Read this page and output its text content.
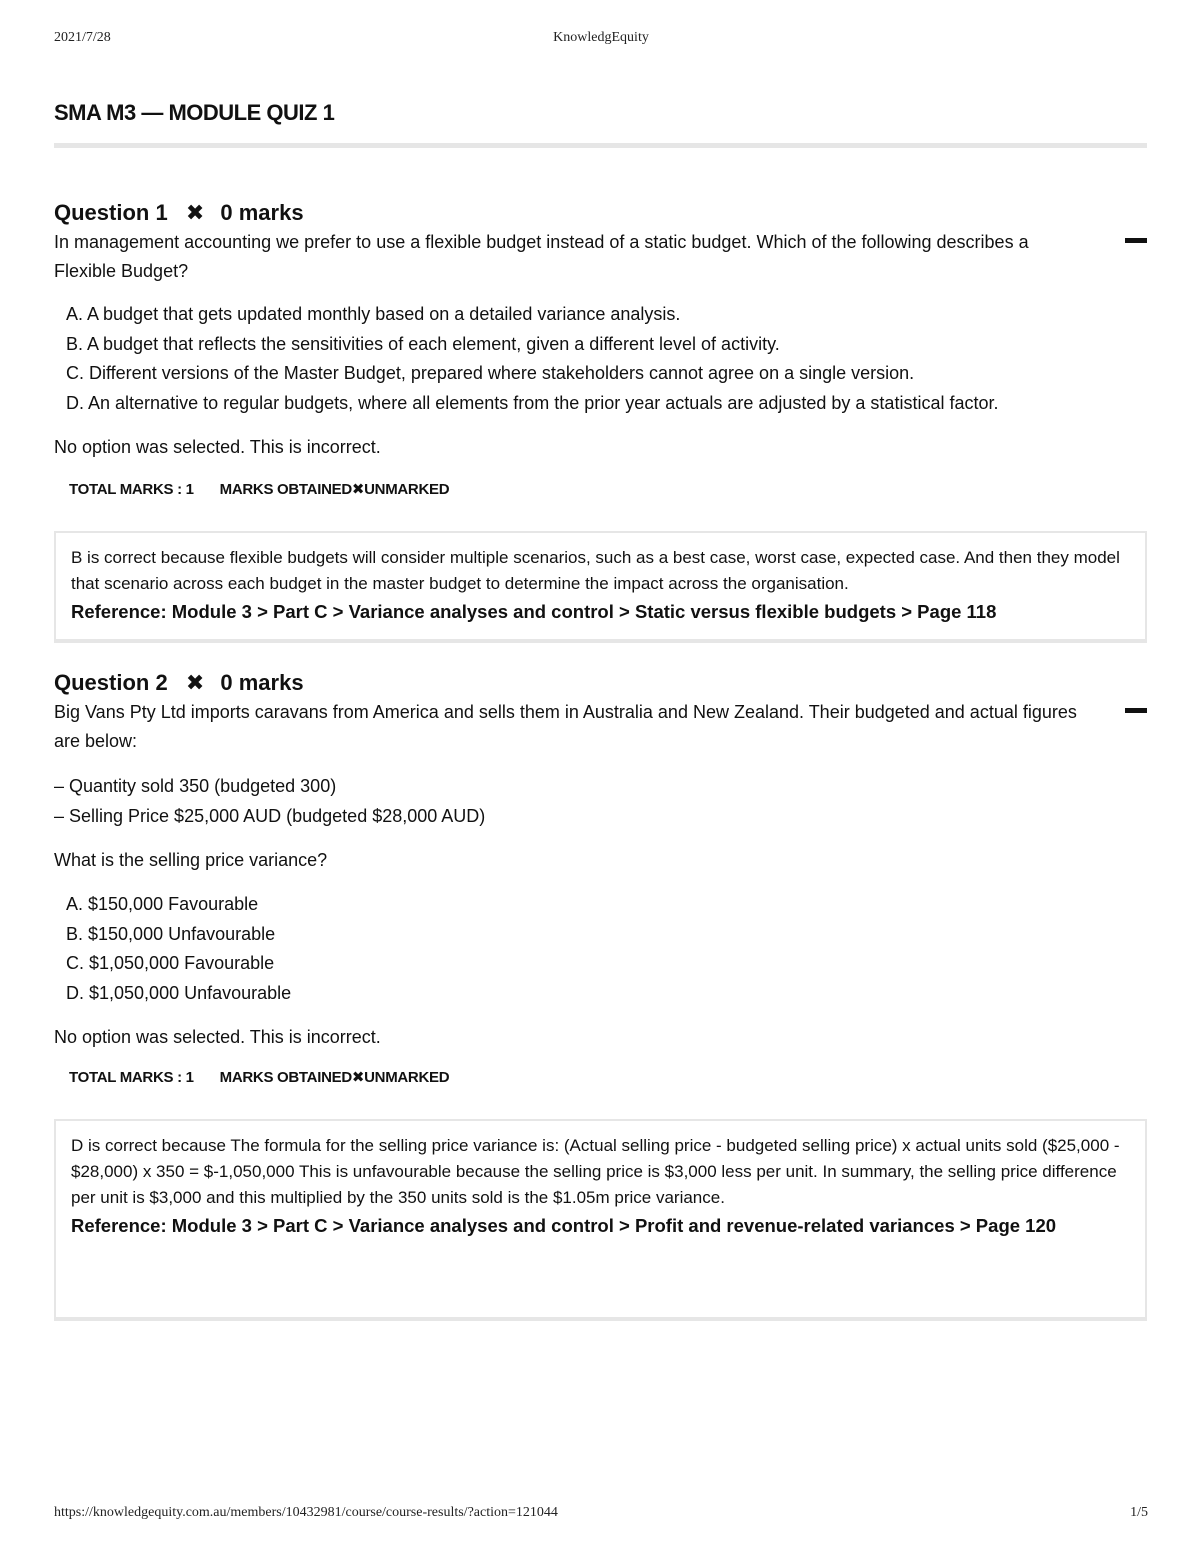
2021/7/28	KnowledgEquity
SMA M3 — MODULE QUIZ 1
Question 1 ✖ 0 marks
In management accounting we prefer to use a flexible budget instead of a static budget. Which of the following describes a Flexible Budget?
A. A budget that gets updated monthly based on a detailed variance analysis.
B. A budget that reflects the sensitivities of each element, given a different level of activity.
C. Different versions of the Master Budget, prepared where stakeholders cannot agree on a single version.
D. An alternative to regular budgets, where all elements from the prior year actuals are adjusted by a statistical factor.
No option was selected. This is incorrect.
TOTAL MARKS : 1 MARKS OBTAINED✖UNMARKED
B is correct because flexible budgets will consider multiple scenarios, such as a best case, worst case, expected case. And then they model that scenario across each budget in the master budget to determine the impact across the organisation.
Reference: Module 3 > Part C > Variance analyses and control > Static versus flexible budgets > Page 118
Question 2 ✖ 0 marks
Big Vans Pty Ltd imports caravans from America and sells them in Australia and New Zealand. Their budgeted and actual figures are below:
– Quantity sold 350 (budgeted 300)
– Selling Price $25,000 AUD (budgeted $28,000 AUD)
What is the selling price variance?
A. $150,000 Favourable
B. $150,000 Unfavourable
C. $1,050,000 Favourable
D. $1,050,000 Unfavourable
No option was selected. This is incorrect.
TOTAL MARKS : 1 MARKS OBTAINED✖UNMARKED
D is correct because The formula for the selling price variance is: (Actual selling price - budgeted selling price) x actual units sold ($25,000 - $28,000) x 350 = $-1,050,000 This is unfavourable because the selling price is $3,000 less per unit. In summary, the selling price difference per unit is $3,000 and this multiplied by the 350 units sold is the $1.05m price variance.
Reference: Module 3 > Part C > Variance analyses and control > Profit and revenue-related variances > Page 120
https://knowledgequity.com.au/members/10432981/course/course-results/?action=121044	1/5
